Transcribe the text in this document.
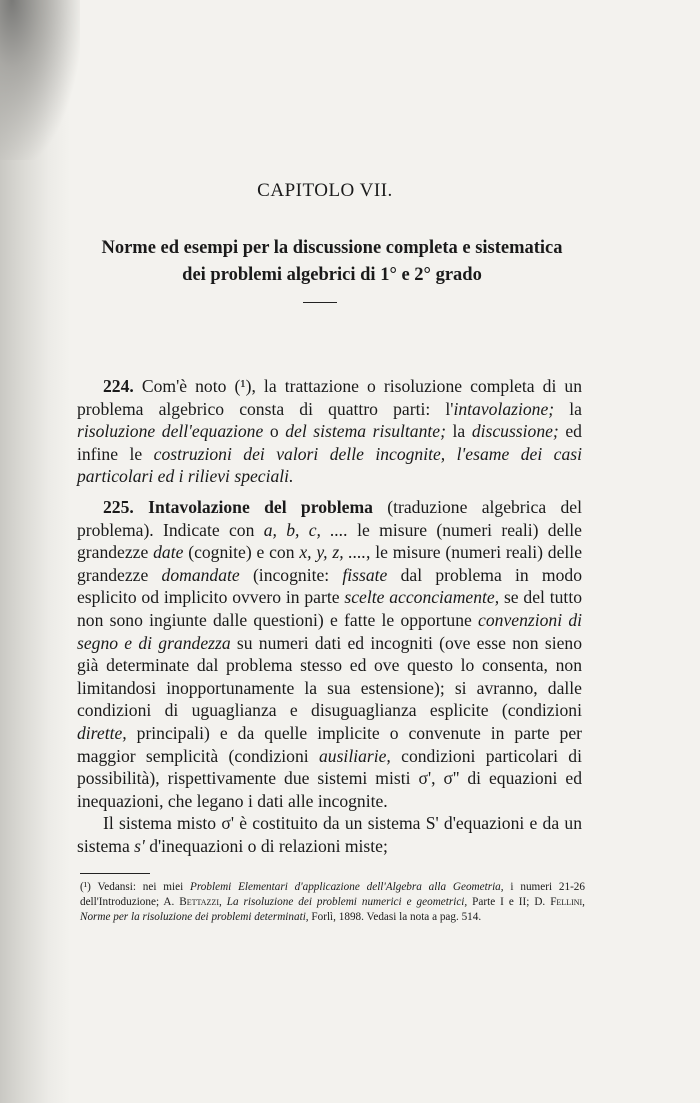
CAPITOLO VII.
Norme ed esempi per la discussione completa e sistematica
dei problemi algebrici di 1° e 2° grado

224. Com'è noto (¹), la trattazione o risoluzione completa di un problema algebrico consta di quattro parti: l'intavolazione; la risoluzione dell'equazione o del sistema risultante; la discussione; ed infine le costruzioni dei valori delle incognite, l'esame dei casi particolari ed i rilievi speciali.

225. Intavolazione del problema (traduzione algebrica del problema). Indicate con a, b, c, .... le misure (numeri reali) delle grandezze date (cognite) e con x, y, z, ...., le misure (numeri reali) delle grandezze domandate (incognite: fissate dal problema in modo esplicito od implicito ovvero in parte scelte acconciamente, se del tutto non sono ingiunte dalle questioni) e fatte le opportune convenzioni di segno e di grandezza su numeri dati ed incogniti (ove esse non sieno già determinate dal problema stesso ed ove questo lo consenta, non limitandosi inopportunamente la sua estensione); si avranno, dalle condizioni di uguaglianza e disuguaglianza esplicite (condizioni dirette, principali) e da quelle implicite o convenute in parte per maggior semplicità (condizioni ausiliarie, condizioni particolari di possibilità), rispettivamente due sistemi misti σ', σ'' di equazioni ed inequazioni, che legano i dati alle incognite.

Il sistema misto σ' è costituito da un sistema S' d'equazioni e da un sistema s' d'inequazioni o di relazioni miste;

(¹) Vedansi: nei miei Problemi Elementari d'applicazione dell'Algebra alla Geometria, i numeri 21-26 dell'Introduzione; A. Bettazzi, La risoluzione dei problemi numerici e geometrici, Parte I e II; D. Fellini, Norme per la risoluzione dei problemi determinati, Forlì, 1898. Vedasi la nota a pag. 514.
